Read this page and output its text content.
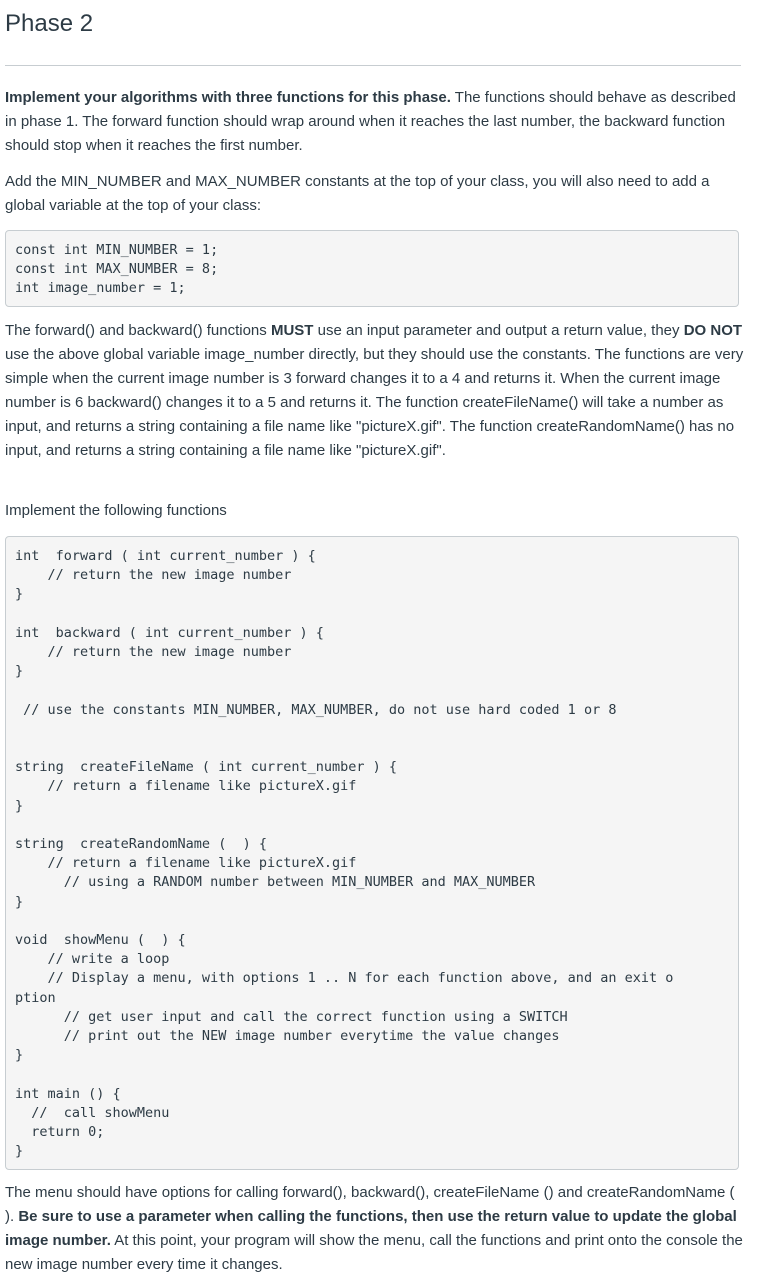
Phase 2

Implement your algorithms with three functions for this phase. The functions should behave as described in phase 1. The forward function should wrap around when it reaches the last number, the backward function should stop when it reaches the first number.

Add the MIN_NUMBER and MAX_NUMBER constants at the top of your class, you will also need to add a global variable at the top of your class:

const int MIN_NUMBER = 1;
const int MAX_NUMBER = 8;
int image_number = 1;

The forward() and backward() functions MUST use an input parameter and output a return value, they DO NOT use the above global variable image_number directly, but they should use the constants. The functions are very simple when the current image number is 3 forward changes it to a 4 and returns it. When the current image number is 6 backward() changes it to a 5 and returns it. The function createFileName() will take a number as input, and returns a string containing a file name like "pictureX.gif". The function createRandomName() has no input, and returns a string containing a file name like "pictureX.gif".

Implement the following functions

int  forward ( int current_number ) {
// return the new image number
}
int  backward ( int current_number ) {
// return the new image number
}
// use the constants MIN_NUMBER, MAX_NUMBER, do not use hard coded 1 or 8
string  createFileName ( int current_number ) {
// return a filename like pictureX.gif
}
string  createRandomName (  ) {
// return a filename like pictureX.gif
// using a RANDOM number between MIN_NUMBER and MAX_NUMBER
}
void  showMenu (  ) {
// write a loop
// Display a menu, with options 1 .. N for each function above, and an exit o
ption
// get user input and call the correct function using a SWITCH
// print out the NEW image number everytime the value changes
}
int main () {
//  call showMenu
return 0;
}

The menu should have options for calling forward(), backward(), createFileName () and createRandomName ( ). Be sure to use a parameter when calling the functions, then use the return value to update the global image number. At this point, your program will show the menu, call the functions and print onto the console the new image number every time it changes.
